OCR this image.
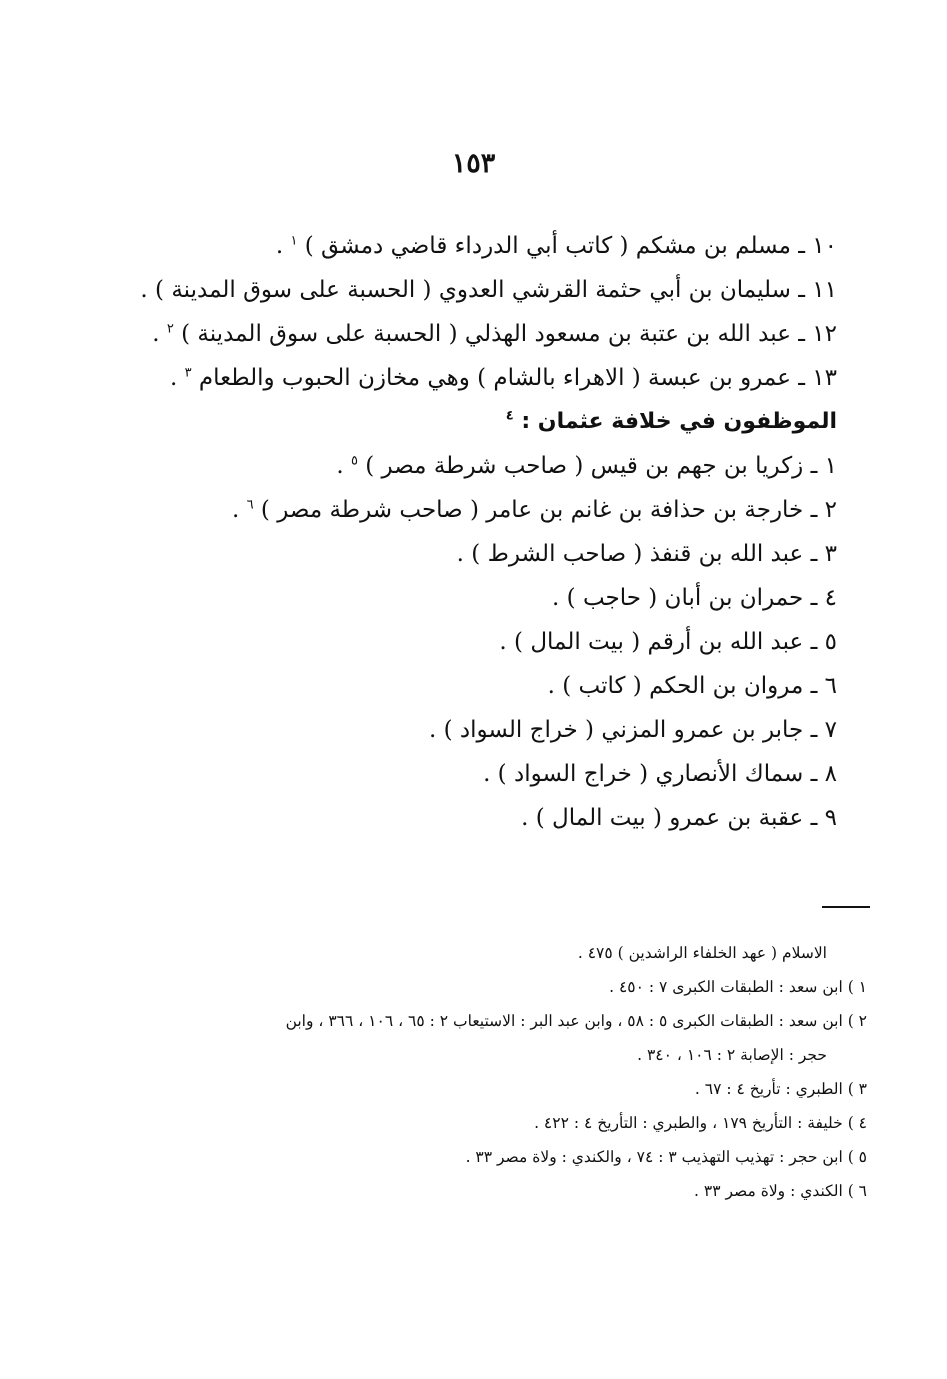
١٥٣
١٠ ـ مسلم بن مشكم ( كاتب أبي الدرداء قاضي دمشق ) $^١$ .
١١ ـ سليمان بن أبي حثمة القرشي العدوي ( الحسبة على سوق المدينة ) .
١٢ ـ عبد الله بن عتبة بن مسعود الهذلي ( الحسبة على سوق المدينة ) $^٢$ .
١٣ ـ عمرو بن عبسة ( الاهراء بالشام ) وهي مخازن الحبوب والطعام $^٣$ .
الموظفون في خلافة عثمان : $^٤$
١ ـ زكريا بن جهم بن قيس ( صاحب شرطة مصر ) $^٥$ .
٢ ـ خارجة بن حذافة بن غانم بن عامر ( صاحب شرطة مصر ) $^٦$ .
٣ ـ عبد الله بن قنفذ ( صاحب الشرط ) .
٤ ـ حمران بن أبان ( حاجب ) .
٥ ـ عبد الله بن أرقم ( بيت المال ) .
٦ ـ مروان بن الحكم ( كاتب ) .
٧ ـ جابر بن عمرو المزني ( خراج السواد ) .
٨ ـ سماك الأنصاري ( خراج السواد ) .
٩ ـ عقبة بن عمرو ( بيت المال ) .
الاسلام ( عهد الخلفاء الراشدين ) ٤٧٥ .
١ ) ابن سعد : الطبقات الكبرى ٧ : ٤٥٠ .
٢ ) ابن سعد : الطبقات الكبرى ٥ : ٥٨ ، وابن عبد البر : الاستيعاب ٢ : ٦٥ ، ١٠٦ ، ٣٦٦ ، وابن
حجر : الإصابة ٢ : ١٠٦ ، ٣٤٠ .
٣ ) الطبري : تأريخ ٤ : ٦٧ .
٤ ) خليفة : التأريخ ١٧٩ ، والطبري : التأريخ ٤ : ٤٢٢ .
٥ ) ابن حجر : تهذيب التهذيب ٣ : ٧٤ ، والكندي : ولاة مصر ٣٣ .
٦ ) الكندي : ولاة مصر ٣٣ .
